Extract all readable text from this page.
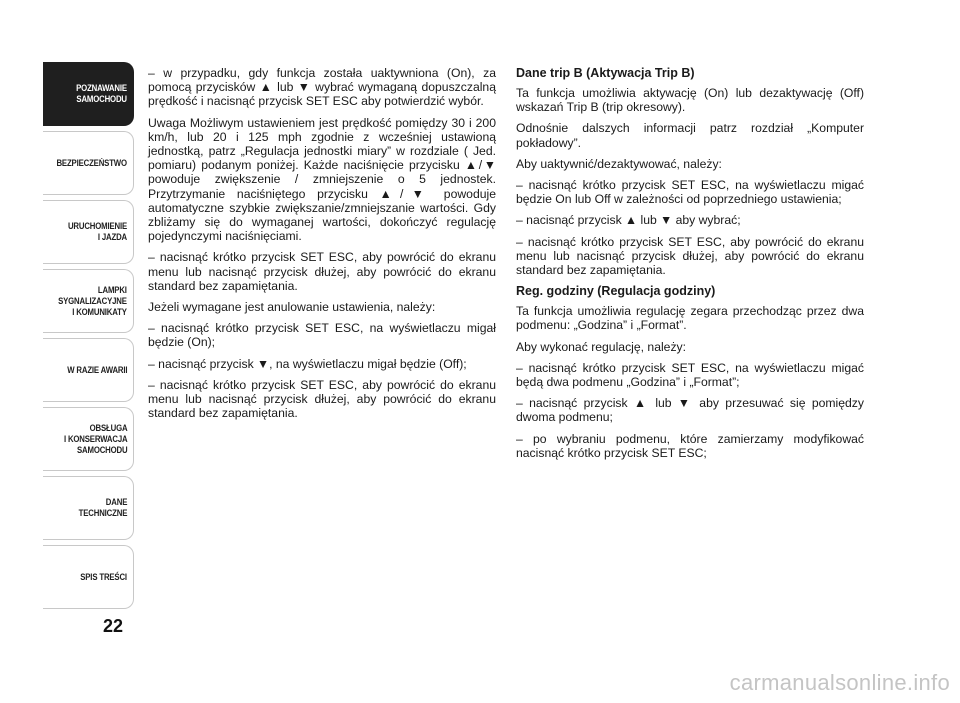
POZNAWANIE
SAMOCHODU
BEZPIECZEŃSTWO
URUCHOMIENIE
I JAZDA
LAMPKI
SYGNALIZACYJNE
I KOMUNIKATY
W RAZIE AWARII
OBSŁUGA
I KONSERWACJA
SAMOCHODU
DANE
TECHNICZNE
SPIS TREŚCI
22

– w przypadku, gdy funkcja została uaktywniona (On), za pomocą przycisków ▲ lub ▼ wybrać wymaganą dopuszczalną prędkość i nacisnąć przycisk SET ESC aby potwierdzić wybór.

Uwaga Możliwym ustawieniem jest prędkość pomiędzy 30 i 200 km/h, lub 20 i 125 mph zgodnie z wcześniej ustawioną jednostką, patrz „Regulacja jednostki miary” w rozdziale ( Jed. pomiaru) podanym poniżej. Każde naciśnięcie przycisku ▲/▼ powoduje zwiększenie / zmniejszenie o 5 jednostek. Przytrzymanie naciśniętego przycisku ▲/▼ powoduje automatyczne szybkie zwiększanie/zmniejszanie wartości. Gdy zbliżamy się do wymaganej wartości, dokończyć regulację pojedynczymi naciśnięciami.

– nacisnąć krótko przycisk SET ESC, aby powrócić do ekranu menu lub nacisnąć przycisk dłużej, aby powrócić do ekranu standard bez zapamiętania.

Jeżeli wymagane jest anulowanie ustawienia, należy:

– nacisnąć krótko przycisk SET ESC, na wyświetlaczu migał będzie (On);

– nacisnąć przycisk ▼, na wyświetlaczu migał będzie (Off);

– nacisnąć krótko przycisk SET ESC, aby powrócić do ekranu menu lub nacisnąć przycisk dłużej, aby powrócić do ekranu standard bez zapamiętania.

Dane trip B (Aktywacja Trip B)

Ta funkcja umożliwia aktywację (On) lub dezaktywację (Off) wskazań Trip B (trip okresowy).

Odnośnie dalszych informacji patrz rozdział „Komputer pokładowy”.

Aby uaktywnić/dezaktywować, należy:

– nacisnąć krótko przycisk SET ESC, na wyświetlaczu migać będzie On lub Off w zależności od poprzedniego ustawienia;

– nacisnąć przycisk ▲ lub ▼ aby wybrać;

– nacisnąć krótko przycisk SET ESC, aby powrócić do ekranu menu lub nacisnąć przycisk dłużej, aby powrócić do ekranu standard bez zapamiętania.

Reg. godziny (Regulacja godziny)

Ta funkcja umożliwia regulację zegara przechodząc przez dwa podmenu: „Godzina” i „Format”.

Aby wykonać regulację, należy:

– nacisnąć krótko przycisk SET ESC, na wyświetlaczu migać będą dwa podmenu „Godzina” i „Format”;

– nacisnąć przycisk ▲ lub ▼ aby przesuwać się pomiędzy dwoma podmenu;

– po wybraniu podmenu, które zamierzamy modyfikować nacisnąć krótko przycisk SET ESC;

carmanualsonline.info
